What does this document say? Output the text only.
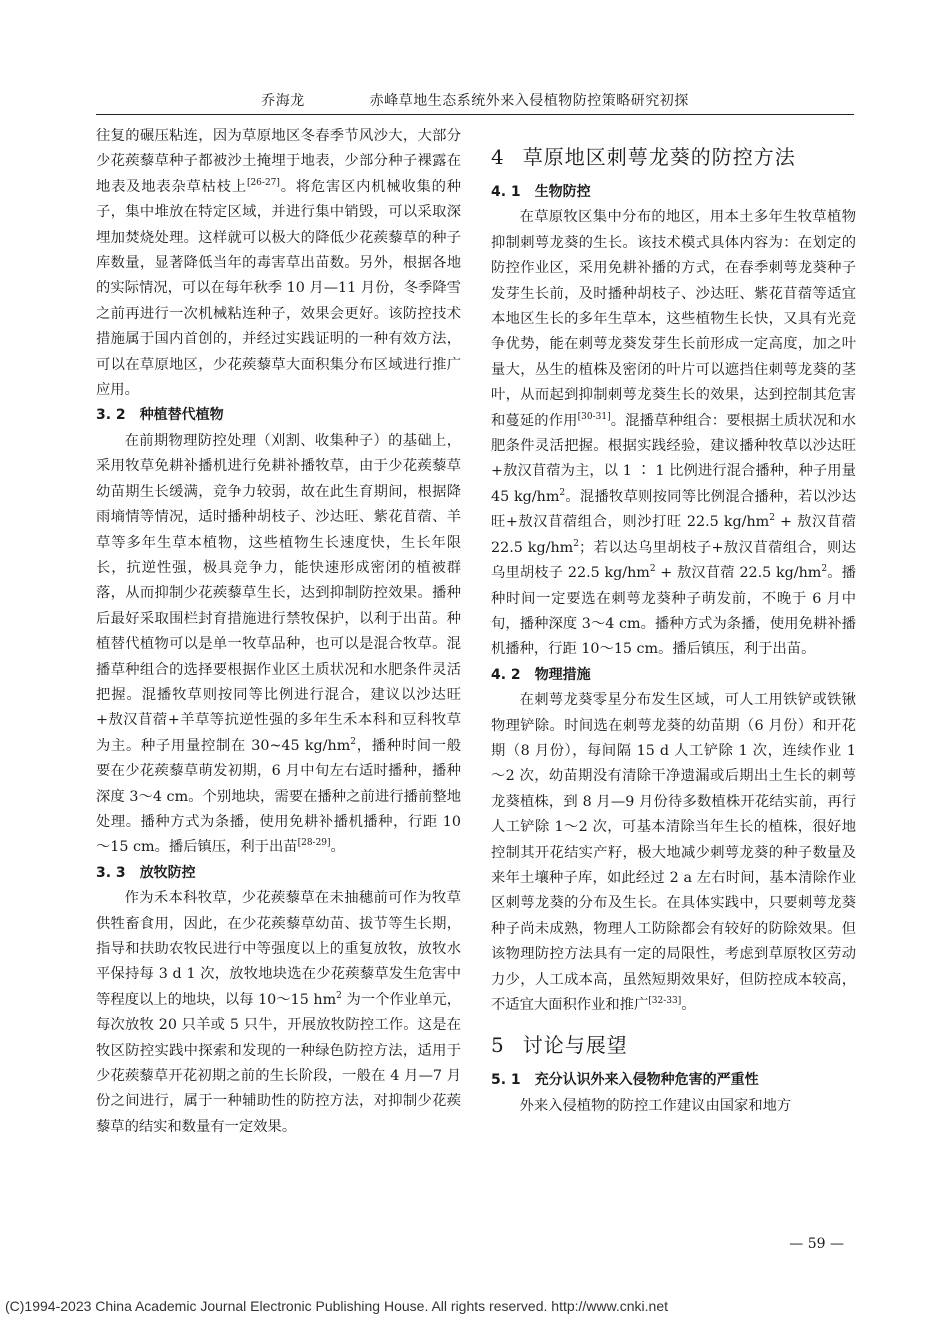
乔海龙	赤峰草地生态系统外来入侵植物防控策略研究初探

往复的碾压粘连，因为草原地区冬春季节风沙大，大部分少花蒺藜草种子都被沙土掩埋于地表，少部分种子裸露在地表及地表杂草枯枝上[26-27]。将危害区内机械收集的种子，集中堆放在特定区域，并进行集中销毁，可以采取深埋加焚烧处理。这样就可以极大的降低少花蒺藜草的种子库数量，显著降低当年的毒害草出苗数。另外，根据各地的实际情况，可以在每年秋季 10 月—11 月份，冬季降雪之前再进行一次机械粘连种子，效果会更好。该防控技术措施属于国内首创的，并经过实践证明的一种有效方法，可以在草原地区，少花蒺藜草大面积集分布区域进行推广应用。

3. 2 种植替代植物

在前期物理防控处理（刈割、收集种子）的基础上，采用牧草免耕补播机进行免耕补播牧草，由于少花蒺藜草幼苗期生长缓满，竞争力较弱，故在此生育期间，根据降雨墒情等情况，适时播种胡枝子、沙达旺、紫花苜蓿、羊草等多年生草本植物，这些植物生长速度快，生长年限长，抗逆性强，极具竞争力，能快速形成密闭的植被群落，从而抑制少花蒺藜草生长，达到抑制防控效果。播种后最好采取围栏封育措施进行禁牧保护，以利于出苗。种植替代植物可以是单一牧草品种，也可以是混合牧草。混播草种组合的选择要根据作业区土质状况和水肥条件灵活把握。混播牧草则按同等比例进行混合，建议以沙达旺+敖汉苜蓿+羊草等抗逆性强的多年生禾本科和豆科牧草为主。种子用量控制在 30~45 $kg/hm^2$，播种时间一般要在少花蒺藜草萌发初期，6 月中旬左右适时播种，播种深度 3～4 cm。个别地块，需要在播种之前进行播前整地处理。播种方式为条播，使用免耕补播机播种，行距 10～15 cm。播后镇压，利于出苗[28-29]。

3. 3 放牧防控

作为禾本科牧草，少花蒺藜草在未抽穗前可作为牧草供牲畜食用，因此，在少花蒺藜草幼苗、拔节等生长期，指导和扶助农牧民进行中等强度以上的重复放牧，放牧水平保持每 3 d 1 次，放牧地块选在少花蒺藜草发生危害中等程度以上的地块，以每 10～15 $hm^2$ 为一个作业单元，每次放牧 20 只羊或 5 只牛，开展放牧防控工作。这是在牧区防控实践中探索和发现的一种绿色防控方法，适用于少花蒺藜草开花初期之前的生长阶段，一般在 4 月—7 月份之间进行，属于一种辅助性的防控方法，对抑制少花蒺藜草的结实和数量有一定效果。

4 草原地区刺萼龙葵的防控方法
4. 1 生物防控

在草原牧区集中分布的地区，用本土多年生牧草植物抑制刺萼龙葵的生长。该技术模式具体内容为：在划定的防控作业区，采用免耕补播的方式，在春季刺萼龙葵种子发芽生长前，及时播种胡枝子、沙达旺、紫花苜蓿等适宜本地区生长的多年生草本，这些植物生长快，又具有光竞争优势，能在刺萼龙葵发芽生长前形成一定高度，加之叶量大，丛生的植株及密闭的叶片可以遮挡住刺萼龙葵的茎叶，从而起到抑制刺萼龙葵生长的效果，达到控制其危害和蔓延的作用[30-31]。混播草种组合：要根据土质状况和水肥条件灵活把握。根据实践经验，建议播种牧草以沙达旺+敖汉苜蓿为主，以 1 ∶ 1 比例进行混合播种，种子用量 45 $kg/hm^2$。混播牧草则按同等比例混合播种，若以沙达旺+敖汉苜蓿组合，则沙打旺 22.5 $kg/hm^2$ + 敖汉苜蓿 22.5 $kg/hm^2$；若以达乌里胡枝子+敖汉苜蓿组合，则达乌里胡枝子 22.5 $kg/hm^2$ + 敖汉苜蓿 22.5 $kg/hm^2$。播种时间一定要选在刺萼龙葵种子萌发前，不晚于 6 月中旬，播种深度 3～4 cm。播种方式为条播，使用免耕补播机播种，行距 10～15 cm。播后镇压，利于出苗。

4. 2 物理措施

在刺萼龙葵零星分布发生区域，可人工用铁铲或铁锹物理铲除。时间选在刺萼龙葵的幼苗期（6 月份）和开花期（8 月份），每间隔 15 d 人工铲除 1 次，连续作业 1～2 次，幼苗期没有清除干净遗漏或后期出土生长的刺萼龙葵植株，到 8 月—9 月份待多数植株开花结实前，再行人工铲除 1～2 次，可基本清除当年生长的植株，很好地控制其开花结实产籽，极大地减少刺萼龙葵的种子数量及来年土壤种子库，如此经过 2 a 左右时间，基本清除作业区刺萼龙葵的分布及生长。在具体实践中，只要刺萼龙葵种子尚未成熟，物理人工防除都会有较好的防除效果。但该物理防控方法具有一定的局限性，考虑到草原牧区劳动力少，人工成本高，虽然短期效果好，但防控成本较高，不适宜大面积作业和推广[32-33]。

5 讨论与展望
5. 1 充分认识外来入侵物种危害的严重性

外来入侵植物的防控工作建议由国家和地方

— 59 —
(C)1994-2023 China Academic Journal Electronic Publishing House. All rights reserved. http://www.cnki.net
